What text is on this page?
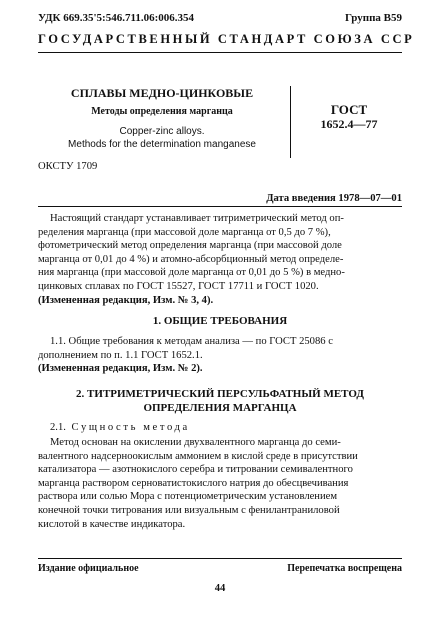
УДК 669.35'5:546.711.06:006.354	Группа В59
ГОСУДАРСТВЕННЫЙ СТАНДАРТ СОЮЗА ССР
СПЛАВЫ МЕДНО-ЦИНКОВЫЕ
Методы определения марганца
Copper-zinc alloys.
Methods for the determination manganese
ГОСТ
1652.4—77
ОКСТУ 1709
Дата введения 1978—07—01
Настоящий стандарт устанавливает титриметрический метод оп-
ределения марганца (при массовой доле марганца от 0,5 до 7 %),
фотометрический метод определения марганца (при массовой доле
марганца от 0,01 до 4 %) и атомно-абсорбционный метод определе-
ния марганца (при массовой доле марганца от 0,01 до 5 %) в медно-
цинковых сплавах по ГОСТ 15527, ГОСТ 17711 и ГОСТ 1020.
(Измененная редакция, Изм. № 3, 4).
1. ОБЩИЕ ТРЕБОВАНИЯ
1.1. Общие требования к методам анализа — по ГОСТ 25086 с
дополнением по п. 1.1 ГОСТ 1652.1.
(Измененная редакция, Изм. № 2).
2. ТИТРИМЕТРИЧЕСКИЙ ПЕРСУЛЬФАТНЫЙ МЕТОД
ОПРЕДЕЛЕНИЯ МАРГАНЦА
2.1. Сущность метода
Метод основан на окислении двухвалентного марганца до семи-
валентного надсерноокислым аммонием в кислой среде в присутствии
катализатора — азотнокислого серебра и титровании семивалентного
марганца раствором серноватистокислого натрия до обесцвечивания
раствора или солью Мора с потенциометрическим установлением
конечной точки титрования или визуальным с фенилантраниловой
кислотой в качестве индикатора.
Издание официальное	Перепечатка воспрещена
44
